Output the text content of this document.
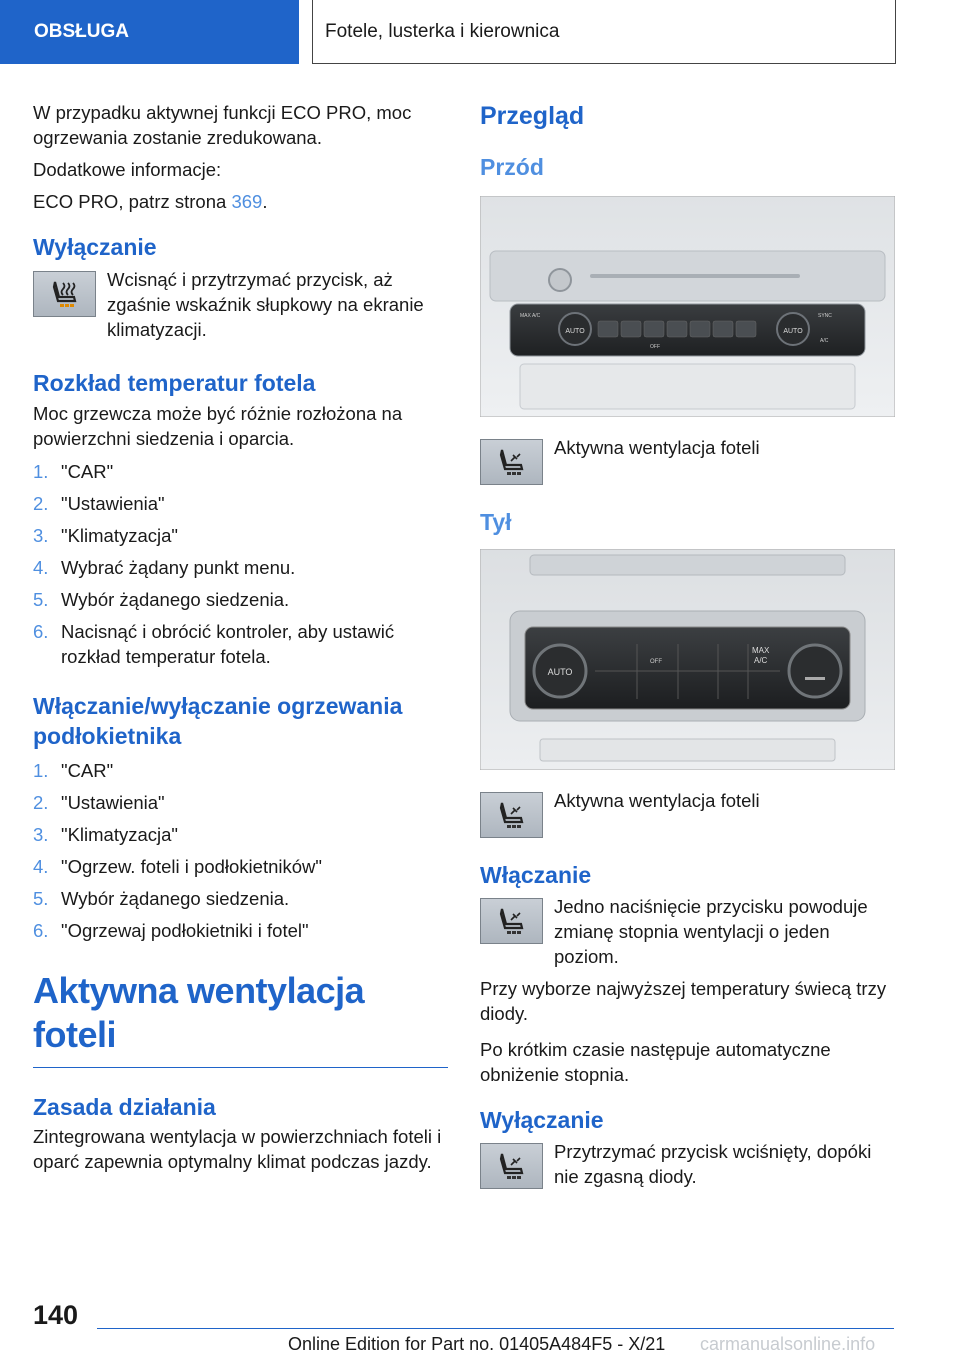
OBSŁUGA	Fotele, lusterka i kierownica

W przypadku aktywnej funkcji ECO PRO, moc ogrzewania zostanie zredukowana.

Dodatkowe informacje:

ECO PRO, patrz strona 369.

Wyłączanie

Wcisnąć i przytrzymać przycisk, aż zgaśnie wskaźnik słupkowy na ekranie klimatyzacji.

Rozkład temperatur fotela

Moc grzewcza może być różnie rozłożona na powierzchni siedzenia i oparcia.

1. "CAR"
2. "Ustawienia"
3. "Klimatyzacja"
4. Wybrać żądany punkt menu.
5. Wybór żądanego siedzenia.
6. Nacisnąć i obrócić kontroler, aby ustawić rozkład temperatur fotela.
Włączanie/wyłączanie ogrzewania podłokietnika
1. "CAR"
2. "Ustawienia"
3. "Klimatyzacja"
4. "Ogrzew. foteli i podłokietników"
5. Wybór żądanego siedzenia.
6. "Ogrzewaj podłokietniki i fotel"

Aktywna wentylacja foteli

Zasada działania

Zintegrowana wentylacja w powierzchniach foteli i oparć zapewnia optymalny klimat podczas jazdy.

Przegląd
Przód
AUTO	AUTO
MAX A/C	SYNC
A/C
OFF

Aktywna wentylacja foteli

Tył
AUTO
MAX
A/C
OFF

Aktywna wentylacja foteli

Włączanie

Jedno naciśnięcie przycisku powoduje zmianę stopnia wentylacji o jeden poziom.

Przy wyborze najwyższej temperatury świecą trzy diody.

Po krótkim czasie następuje automatyczne obniżenie stopnia.

Wyłączanie

Przytrzymać przycisk wciśnięty, dopóki nie zgasną diody.

140
Online Edition for Part no. 01405A484F5 - X/21 carmanualsonline.info
